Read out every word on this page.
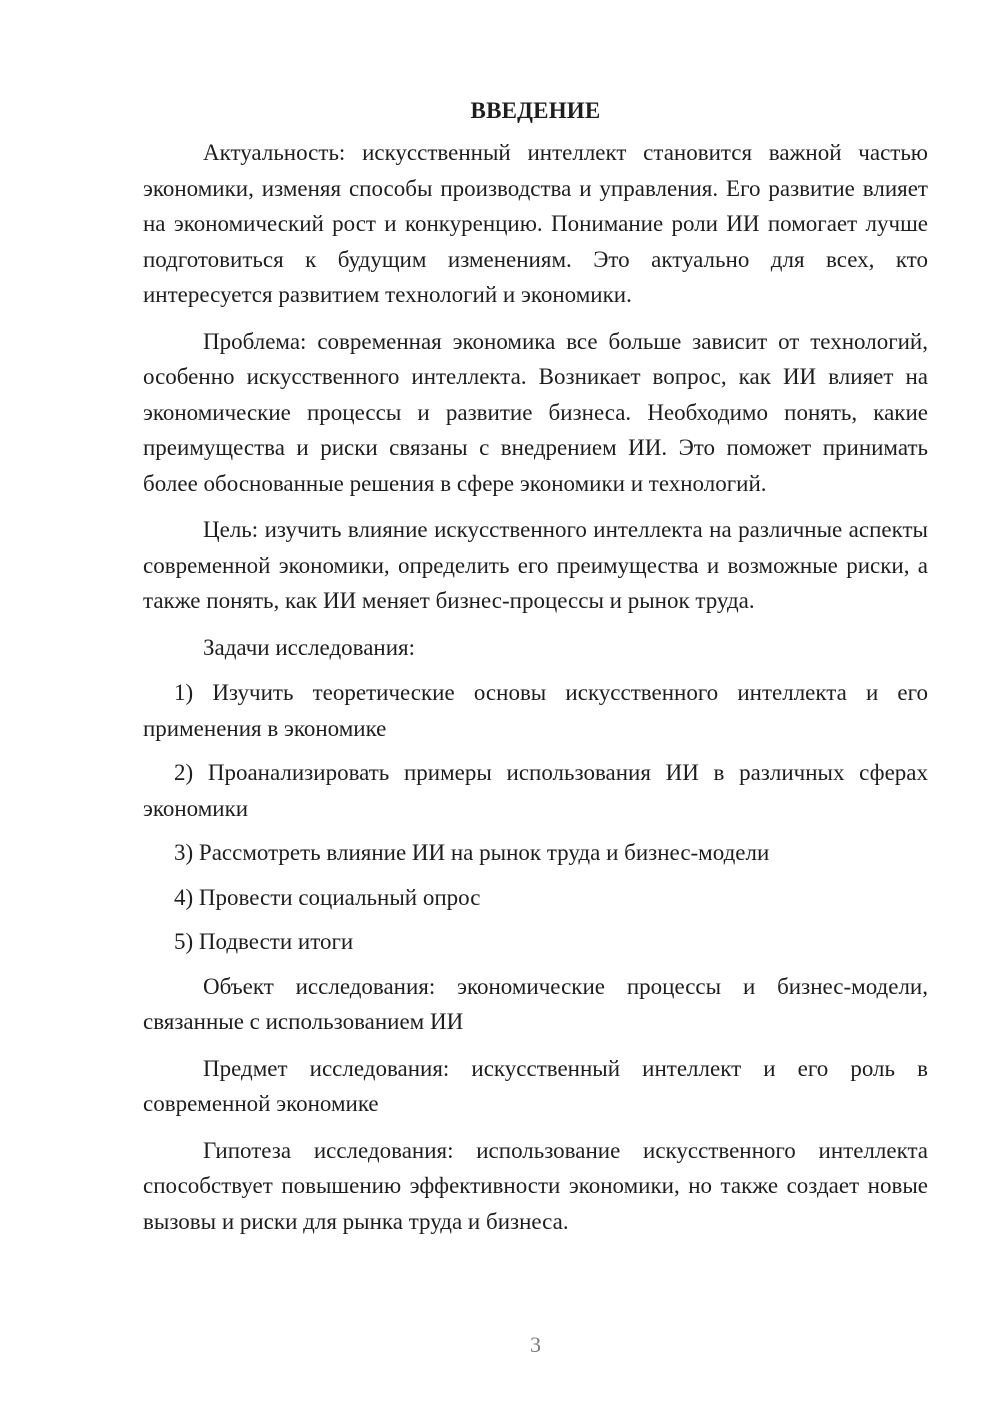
ВВЕДЕНИЕ

Актуальность: искусственный интеллект становится важной частью экономики, изменяя способы производства и управления. Его развитие влияет на экономический рост и конкуренцию. Понимание роли ИИ помогает лучше подготовиться к будущим изменениям. Это актуально для всех, кто интересуется развитием технологий и экономики.

Проблема: современная экономика все больше зависит от технологий, особенно искусственного интеллекта. Возникает вопрос, как ИИ влияет на экономические процессы и развитие бизнеса. Необходимо понять, какие преимущества и риски связаны с внедрением ИИ. Это поможет принимать более обоснованные решения в сфере экономики и технологий.

Цель: изучить влияние искусственного интеллекта на различные аспекты современной экономики, определить его преимущества и возможные риски, а также понять, как ИИ меняет бизнес-процессы и рынок труда.

Задачи исследования:

1) Изучить теоретические основы искусственного интеллекта и его применения в экономике

2) Проанализировать примеры использования ИИ в различных сферах экономики

3) Рассмотреть влияние ИИ на рынок труда и бизнес-модели

4) Провести социальный опрос

5) Подвести итоги

Объект исследования: экономические процессы и бизнес-модели, связанные с использованием ИИ

Предмет исследования: искусственный интеллект и его роль в современной экономике

Гипотеза исследования: использование искусственного интеллекта способствует повышению эффективности экономики, но также создает новые вызовы и риски для рынка труда и бизнеса.

3
